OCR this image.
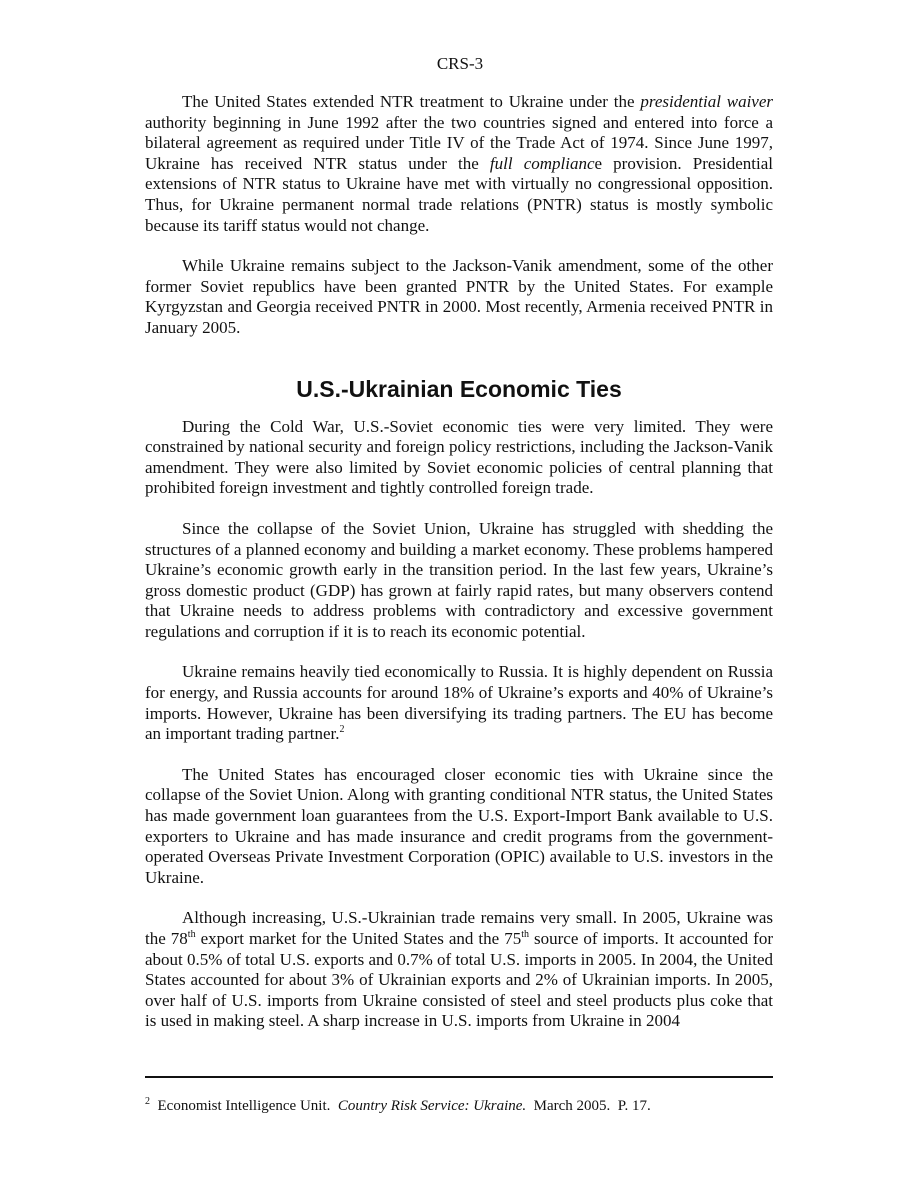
CRS-3

The United States extended NTR treatment to Ukraine under the presidential waiver authority beginning in June 1992 after the two countries signed and entered into force a bilateral agreement as required under Title IV of the Trade Act of 1974. Since June 1997, Ukraine has received NTR status under the full compliance provision. Presidential extensions of NTR status to Ukraine have met with virtually no congressional opposition. Thus, for Ukraine permanent normal trade relations (PNTR) status is mostly symbolic because its tariff status would not change.

While Ukraine remains subject to the Jackson-Vanik amendment, some of the other former Soviet republics have been granted PNTR by the United States. For example Kyrgyzstan and Georgia received PNTR in 2000. Most recently, Armenia received PNTR in January 2005.

U.S.-Ukrainian Economic Ties

During the Cold War, U.S.-Soviet economic ties were very limited. They were constrained by national security and foreign policy restrictions, including the Jackson-Vanik amendment. They were also limited by Soviet economic policies of central planning that prohibited foreign investment and tightly controlled foreign trade.

Since the collapse of the Soviet Union, Ukraine has struggled with shedding the structures of a planned economy and building a market economy. These problems hampered Ukraine’s economic growth early in the transition period. In the last few years, Ukraine’s gross domestic product (GDP) has grown at fairly rapid rates, but many observers contend that Ukraine needs to address problems with contradictory and excessive government regulations and corruption if it is to reach its economic potential.

Ukraine remains heavily tied economically to Russia. It is highly dependent on Russia for energy, and Russia accounts for around 18% of Ukraine’s exports and 40% of Ukraine’s imports. However, Ukraine has been diversifying its trading partners. The EU has become an important trading partner.$^2$

The United States has encouraged closer economic ties with Ukraine since the collapse of the Soviet Union. Along with granting conditional NTR status, the United States has made government loan guarantees from the U.S. Export-Import Bank available to U.S. exporters to Ukraine and has made insurance and credit programs from the government-operated Overseas Private Investment Corporation (OPIC) available to U.S. investors in the Ukraine.

Although increasing, U.S.-Ukrainian trade remains very small. In 2005, Ukraine was the 78th export market for the United States and the 75th source of imports. It accounted for about 0.5% of total U.S. exports and 0.7% of total U.S. imports in 2005. In 2004, the United States accounted for about 3% of Ukrainian exports and 2% of Ukrainian imports. In 2005, over half of U.S. imports from Ukraine consisted of steel and steel products plus coke that is used in making steel. A sharp increase in U.S. imports from Ukraine in 2004

$^2$  Economist Intelligence Unit.  Country Risk Service: Ukraine.  March 2005.  P. 17.
